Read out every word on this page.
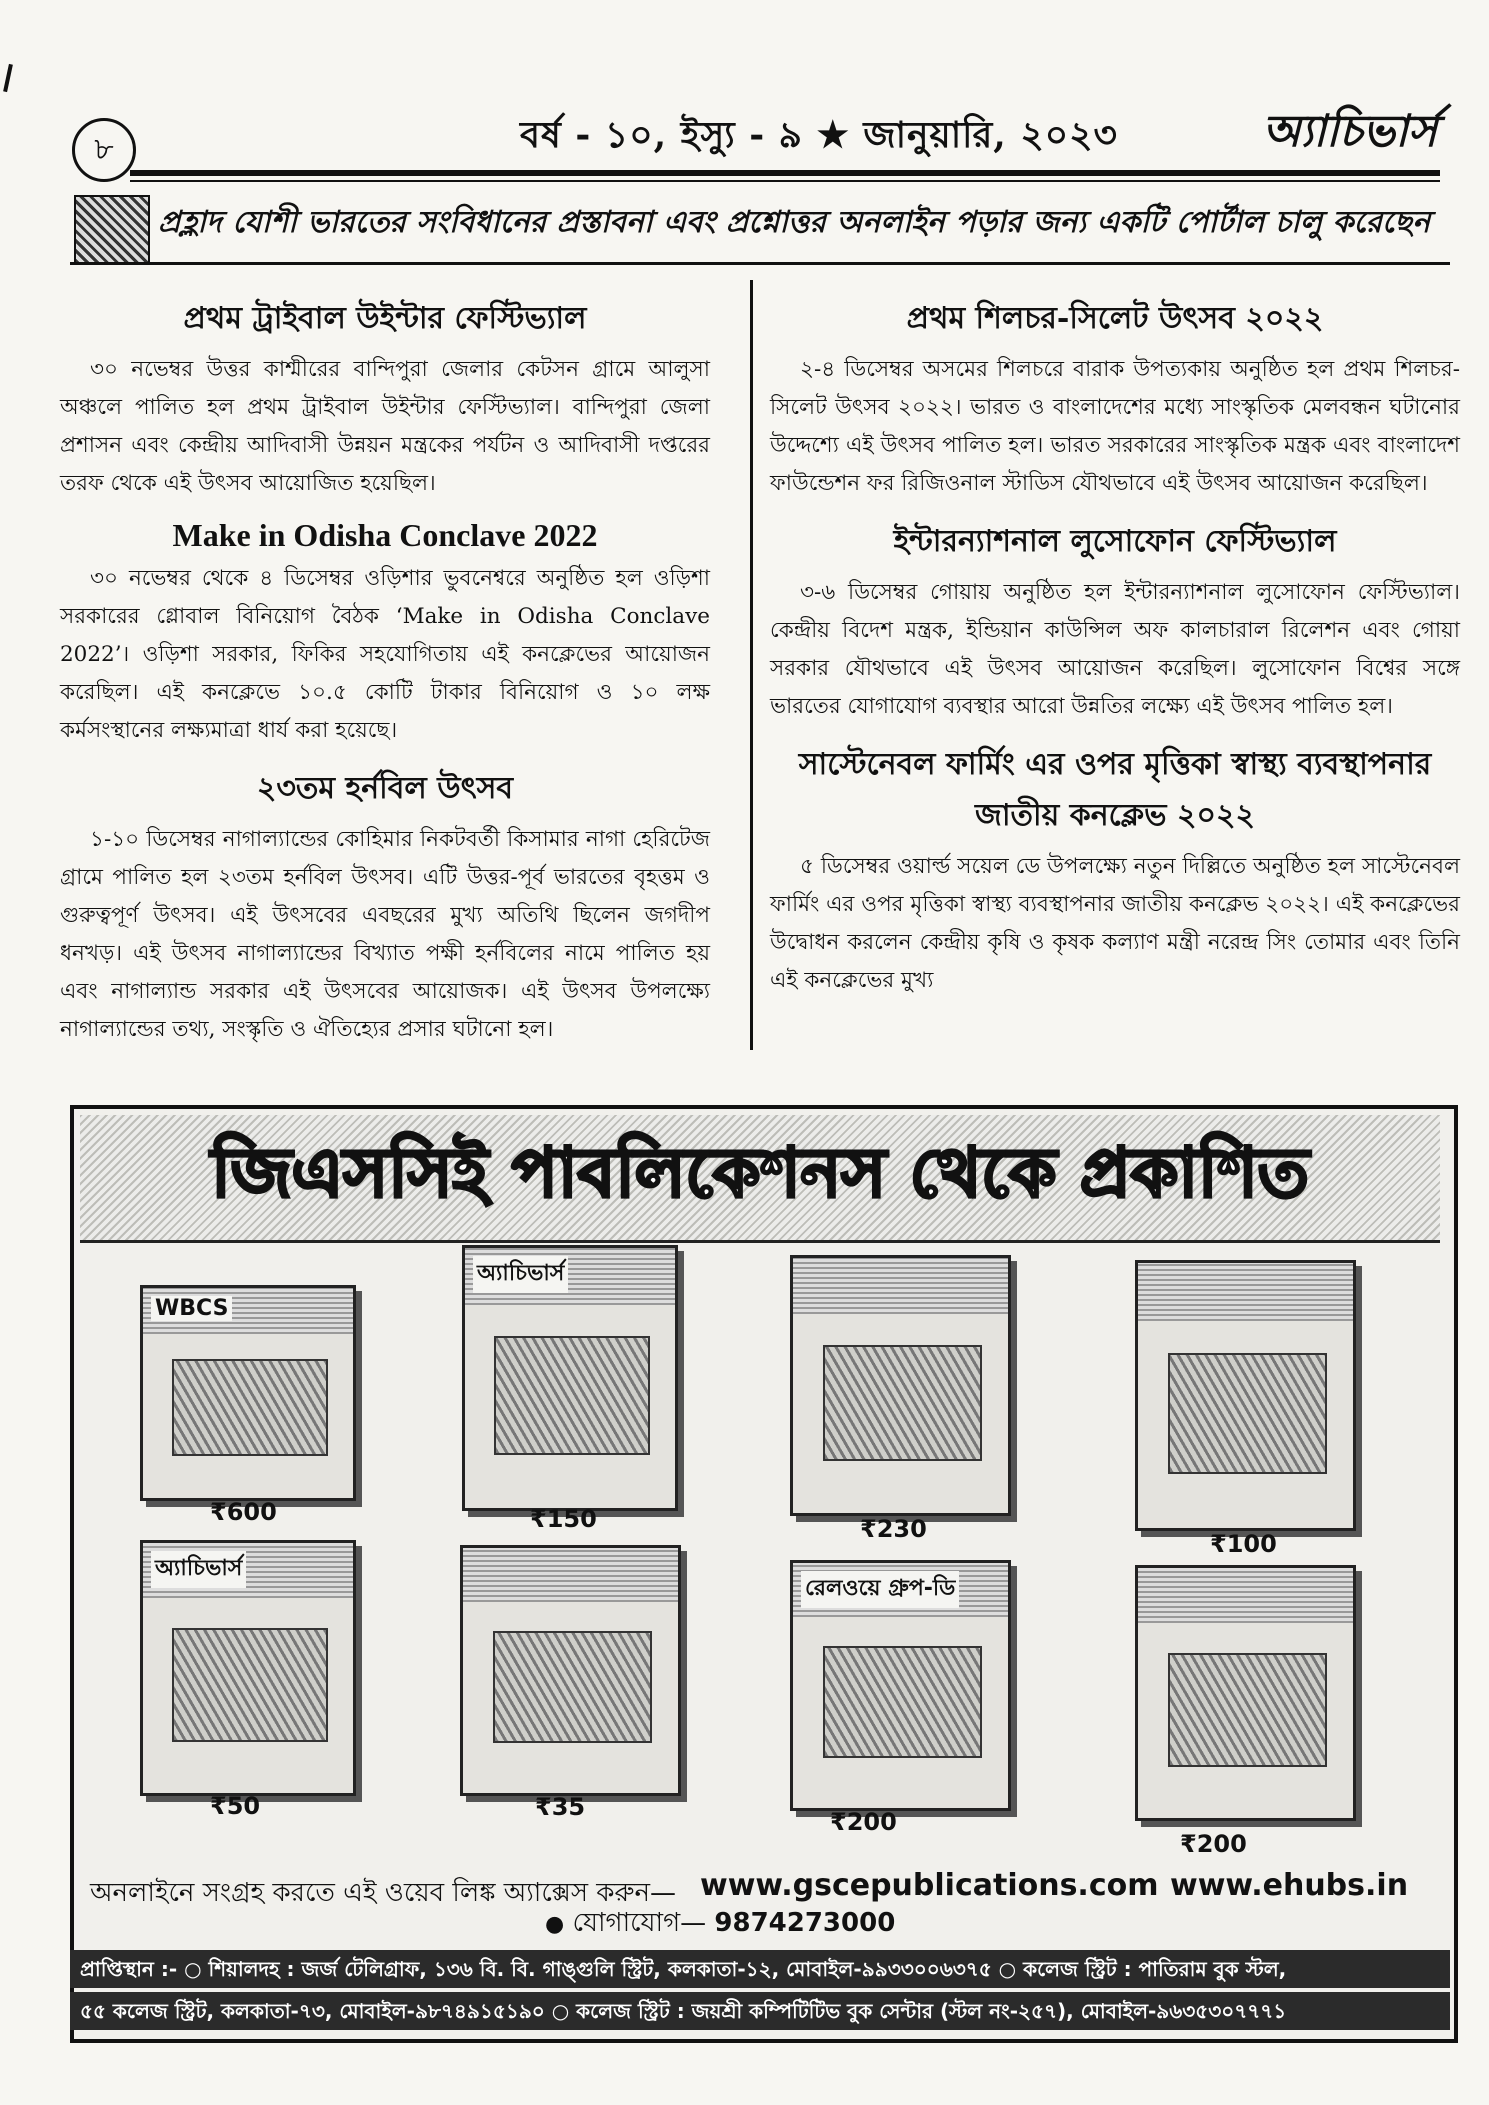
৮	বর্ষ - ১০, ইস্যু - ৯ ★ জানুয়ারি, ২০২৩	অ্যাচিভার্স
প্রহ্লাদ যোশী ভারতের সংবিধানের প্রস্তাবনা এবং প্রশ্নোত্তর অনলাইন পড়ার জন্য একটি পোর্টাল চালু করেছেন
প্রথম ট্রাইবাল উইন্টার ফেস্টিভ্যাল

৩০ নভেম্বর উত্তর কাশ্মীরের বান্দিপুরা জেলার কেটসন গ্রামে আলুসা অঞ্চলে পালিত হল প্রথম ট্রাইবাল উইন্টার ফেস্টিভ্যাল। বান্দিপুরা জেলা প্রশাসন এবং কেন্দ্রীয় আদিবাসী উন্নয়ন মন্ত্রকের পর্যটন ও আদিবাসী দপ্তরের তরফ থেকে এই উৎসব আয়োজিত হয়েছিল।

Make in Odisha Conclave 2022

৩০ নভেম্বর থেকে ৪ ডিসেম্বর ওড়িশার ভুবনেশ্বরে অনুষ্ঠিত হল ওড়িশা সরকারের গ্লোবাল বিনিয়োগ বৈঠক ‘Make in Odisha Conclave 2022’। ওড়িশা সরকার, ফিকির সহযোগিতায় এই কনক্লেভের আয়োজন করেছিল। এই কনক্লেভে ১০.৫ কোটি টাকার বিনিয়োগ ও ১০ লক্ষ কর্মসংস্থানের লক্ষ্যমাত্রা ধার্য করা হয়েছে।

২৩তম হর্নবিল উৎসব

১-১০ ডিসেম্বর নাগাল্যান্ডের কোহিমার নিকটবর্তী কিসামার নাগা হেরিটেজ গ্রামে পালিত হল ২৩তম হর্নবিল উৎসব। এটি উত্তর-পূর্ব ভারতের বৃহত্তম ও গুরুত্বপূর্ণ উৎসব। এই উৎসবের এবছরের মুখ্য অতিথি ছিলেন জগদীপ ধনখড়। এই উৎসব নাগাল্যান্ডের বিখ্যাত পক্ষী হর্নবিলের নামে পালিত হয় এবং নাগাল্যান্ড সরকার এই উৎসবের আয়োজক। এই উৎসব উপলক্ষ্যে নাগাল্যান্ডের তথ্য, সংস্কৃতি ও ঐতিহ্যের প্রসার ঘটানো হল।

প্রথম শিলচর-সিলেট উৎসব ২০২২

২-৪ ডিসেম্বর অসমের শিলচরে বারাক উপত্যকায় অনুষ্ঠিত হল প্রথম শিলচর-সিলেট উৎসব ২০২২। ভারত ও বাংলাদেশের মধ্যে সাংস্কৃতিক মেলবন্ধন ঘটানোর উদ্দেশ্যে এই উৎসব পালিত হল। ভারত সরকারের সাংস্কৃতিক মন্ত্রক এবং বাংলাদেশ ফাউন্ডেশন ফর রিজিওনাল স্টাডিস যৌথভাবে এই উৎসব আয়োজন করেছিল।

ইন্টারন্যাশনাল লুসোফোন ফেস্টিভ্যাল

৩-৬ ডিসেম্বর গোয়ায় অনুষ্ঠিত হল ইন্টারন্যাশনাল লুসোফোন ফেস্টিভ্যাল। কেন্দ্রীয় বিদেশ মন্ত্রক, ইন্ডিয়ান কাউন্সিল অফ কালচারাল রিলেশন এবং গোয়া সরকার যৌথভাবে এই উৎসব আয়োজন করেছিল। লুসোফোন বিশ্বের সঙ্গে ভারতের যোগাযোগ ব্যবস্থার আরো উন্নতির লক্ষ্যে এই উৎসব পালিত হল।

সাস্টেনেবল ফার্মিং এর ওপর মৃত্তিকা স্বাস্থ্য ব্যবস্থাপনার জাতীয় কনক্লেভ ২০২২

৫ ডিসেম্বর ওয়ার্ল্ড সয়েল ডে উপলক্ষ্যে নতুন দিল্লিতে অনুষ্ঠিত হল সাস্টেনেবল ফার্মিং এর ওপর মৃত্তিকা স্বাস্থ্য ব্যবস্থাপনার জাতীয় কনক্লেভ ২০২২। এই কনক্লেভের উদ্বোধন করলেন কেন্দ্রীয় কৃষি ও কৃষক কল্যাণ মন্ত্রী নরেন্দ্র সিং তোমার এবং তিনি এই কনক্লেভের মুখ্য

জিএসসিই পাবলিকেশনস থেকে প্রকাশিত
WBCS
₹600
অ্যাচিভার্স
₹150	₹230
₹100
অ্যাচিভার্স
₹50	₹35
রেলওয়ে গ্রুপ-ডি
₹200
₹200
অনলাইনে সংগ্রহ করতে এই ওয়েব লিঙ্ক অ্যাক্সেস করুন— www.gscepublications.com www.ehubs.in
● যোগাযোগ— 9874273000
প্রাপ্তিস্থান :- ○ শিয়ালদহ : জর্জ টেলিগ্রাফ, ১৩৬ বি. বি. গাঙ্গুলি স্ট্রিট, কলকাতা-১২, মোবাইল-৯৯৩৩০০৬৩৭৫ ○ কলেজ স্ট্রিট : পাতিরাম বুক স্টল,
৫৫ কলেজ স্ট্রিট, কলকাতা-৭৩, মোবাইল-৯৮৭৪৯১৫১৯০ ○ কলেজ স্ট্রিট : জয়শ্রী কম্পিটিটিভ বুক সেন্টার (স্টল নং-২৫৭), মোবাইল-৯৬৩৫৩০৭৭৭১
